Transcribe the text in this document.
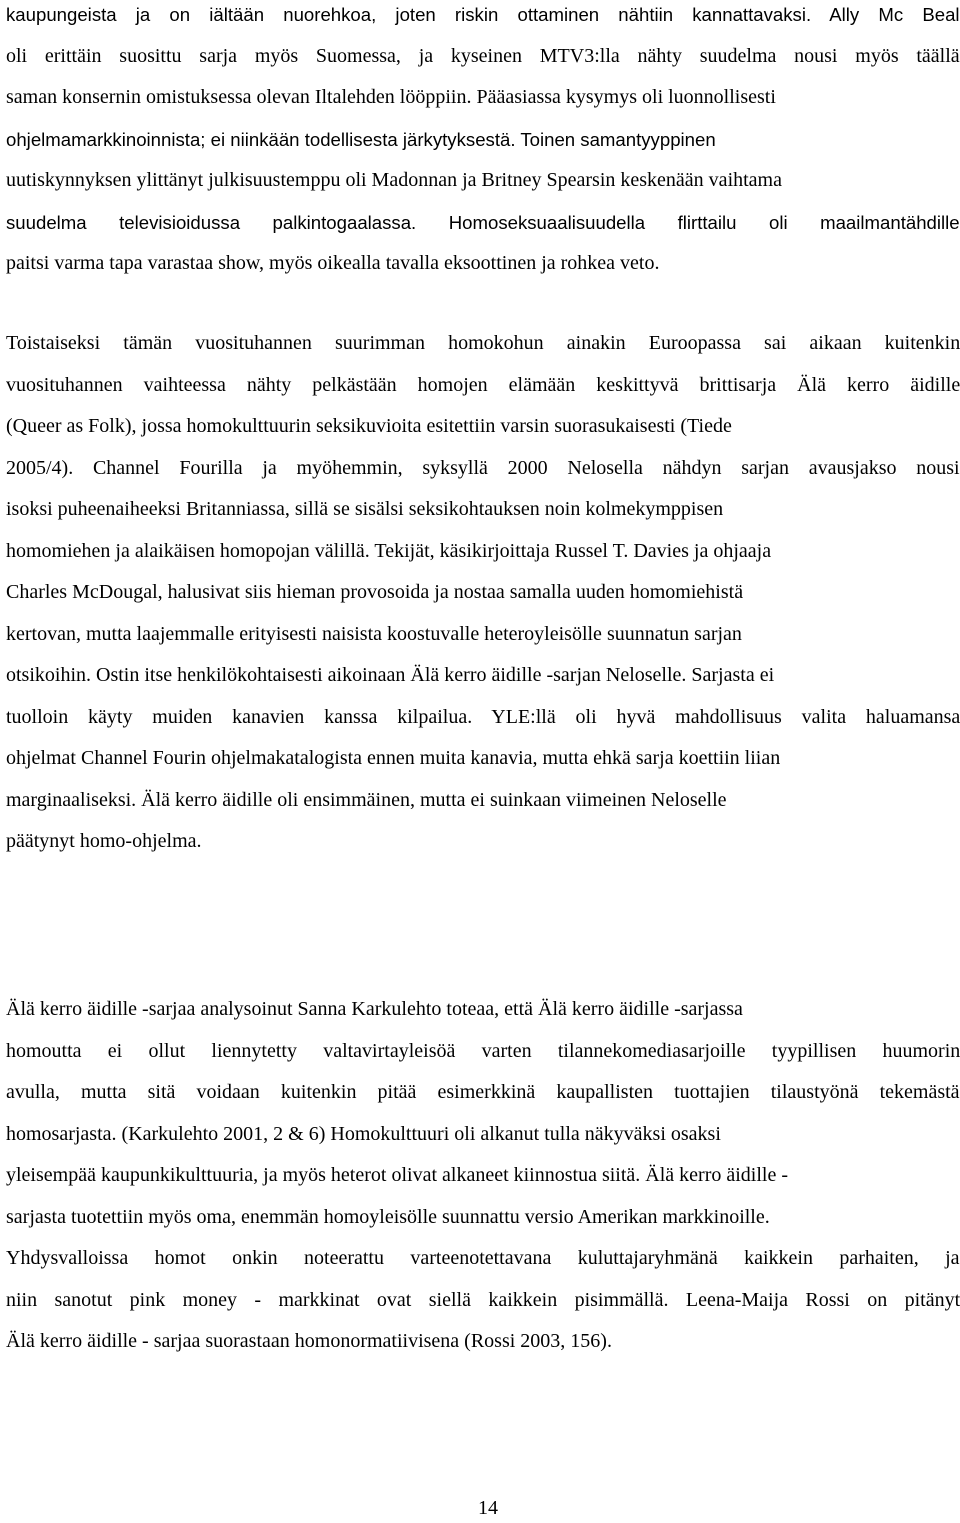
kaupungeista ja on iältään nuorehkoa, joten riskin ottaminen nähtiin kannattavaksi. Ally Mc Beal
oli erittäin suosittu sarja myös Suomessa, ja kyseinen MTV3:lla nähty suudelma nousi myös täällä
saman konsernin omistuksessa olevan Iltalehden lööppiin. Pääasiassa kysymys oli luonnollisesti
ohjelmamarkkinoinnista; ei niinkään todellisesta järkytyksestä. Toinen samantyyppinen
uutiskynnyksen ylittänyt julkisuustemppu oli Madonnan ja Britney Spearsin keskenään vaihtama
suudelma televisioidussa palkintogaalassa. Homoseksuaalisuudella flirttailu oli maailmantähdille
paitsi varma tapa varastaa show, myös oikealla tavalla eksoottinen ja rohkea veto.

Toistaiseksi tämän vuosituhannen suurimman homokohun ainakin Euroopassa sai aikaan kuitenkin
vuosituhannen vaihteessa nähty pelkästään homojen elämään keskittyvä brittisarja Älä kerro äidille
(Queer as Folk), jossa homokulttuurin seksikuvioita esitettiin varsin suorasukaisesti (Tiede
2005/4). Channel Fourilla ja myöhemmin, syksyllä 2000 Nelosella nähdyn sarjan avausjakso nousi
isoksi puheenaiheeksi Britanniassa, sillä se sisälsi seksikohtauksen noin kolmekymppisen
homomiehen ja alaikäisen homopojan välillä. Tekijät, käsikirjoittaja Russel T. Davies ja ohjaaja
Charles McDougal, halusivat siis hieman provosoida ja nostaa samalla uuden homomiehistä
kertovan, mutta laajemmalle erityisesti naisista koostuvalle heteroyleisölle suunnatun sarjan
otsikoihin. Ostin itse henkilökohtaisesti aikoinaan Älä kerro äidille -sarjan Neloselle. Sarjasta ei
tuolloin käyty muiden kanavien kanssa kilpailua. YLE:llä oli hyvä mahdollisuus valita haluamansa
ohjelmat Channel Fourin ohjelmakatalogista ennen muita kanavia, mutta ehkä sarja koettiin liian
marginaaliseksi. Älä kerro äidille oli ensimmäinen, mutta ei suinkaan viimeinen Neloselle
päätynyt homo-ohjelma.

Älä kerro äidille -sarjaa analysoinut Sanna Karkulehto toteaa, että Älä kerro äidille -sarjassa
homoutta ei ollut liennytetty valtavirtayleisöä varten tilannekomediasarjoille tyypillisen huumorin
avulla, mutta sitä voidaan kuitenkin pitää esimerkkinä kaupallisten tuottajien tilaustyönä tekemästä
homosarjasta. (Karkulehto 2001, 2 & 6) Homokulttuuri oli alkanut tulla näkyväksi osaksi
yleisempää kaupunkikulttuuria, ja myös heterot olivat alkaneet kiinnostua siitä. Älä kerro äidille -
sarjasta tuotettiin myös oma, enemmän homoyleisölle suunnattu versio Amerikan markkinoille.
Yhdysvalloissa homot onkin noteerattu varteenotettavana kuluttajaryhmänä kaikkein parhaiten, ja
niin sanotut pink money - markkinat ovat siellä kaikkein pisimmällä. Leena-Maija Rossi on pitänyt
Älä kerro äidille - sarjaa suorastaan homonormatiivisena (Rossi 2003, 156).

14
